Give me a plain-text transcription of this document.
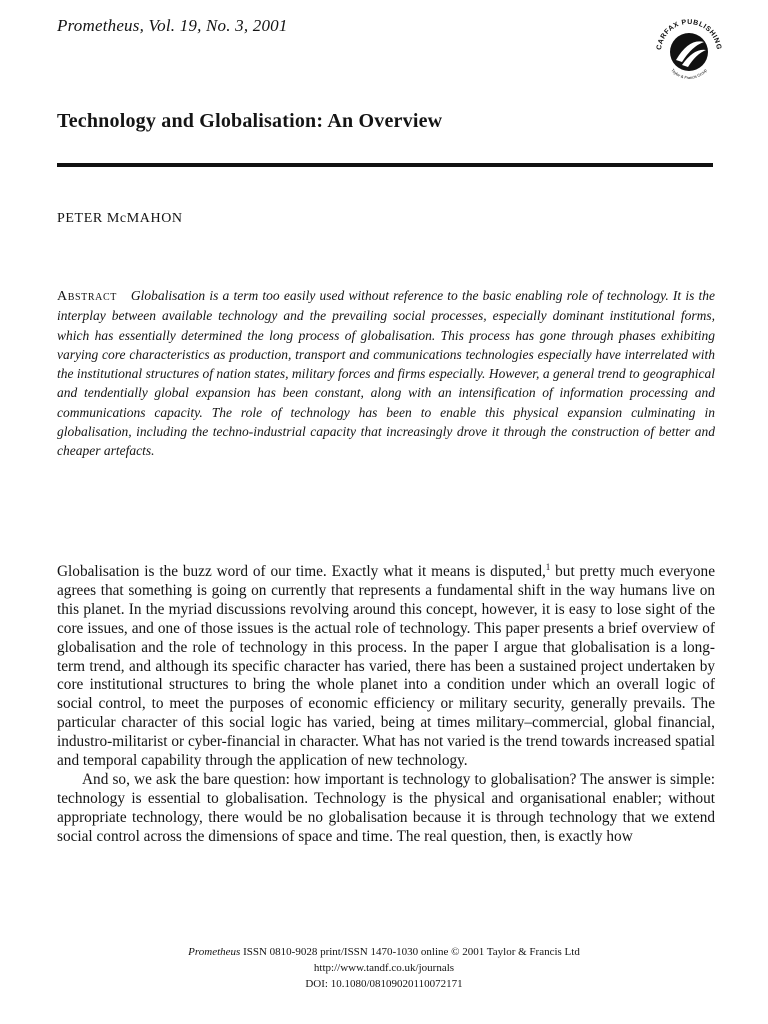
Prometheus, Vol. 19, No. 3, 2001
CARFAX PUBLISHING
Taylor & Francis Group
Technology and Globalisation: An Overview
PETER McMAHON
Abstract Globalisation is a term too easily used without reference to the basic enabling role of technology. It is the interplay between available technology and the prevailing social processes, especially dominant institutional forms, which has essentially determined the long process of globalisation. This process has gone through phases exhibiting varying core characteristics as production, transport and communications technologies especially have interrelated with the institutional structures of nation states, military forces and firms especially. However, a general trend to geographical and tendentially global expansion has been constant, along with an intensification of information processing and communications capacity. The role of technology has been to enable this physical expansion culminating in globalisation, including the techno-industrial capacity that increasingly drove it through the construction of better and cheaper artefacts.

Globalisation is the buzz word of our time. Exactly what it means is disputed,$^1$ but pretty much everyone agrees that something is going on currently that represents a fundamental shift in the way humans live on this planet. In the myriad discussions revolving around this concept, however, it is easy to lose sight of the core issues, and one of those issues is the actual role of technology. This paper presents a brief overview of globalisation and the role of technology in this process. In the paper I argue that globalisation is a long-term trend, and although its specific character has varied, there has been a sustained project undertaken by core institutional structures to bring the whole planet into a condition under which an overall logic of social control, to meet the purposes of economic efficiency or military security, generally prevails. The particular character of this social logic has varied, being at times military–commercial, global financial, industro-militarist or cyber-financial in character. What has not varied is the trend towards increased spatial and temporal capability through the application of new technology.

And so, we ask the bare question: how important is technology to globalisation? The answer is simple: technology is essential to globalisation. Technology is the physical and organisational enabler; without appropriate technology, there would be no globalisation because it is through technology that we extend social control across the dimensions of space and time. The real question, then, is exactly how

Prometheus ISSN 0810-9028 print/ISSN 1470-1030 online © 2001 Taylor & Francis Ltd
http://www.tandf.co.uk/journals
DOI: 10.1080/08109020110072171
